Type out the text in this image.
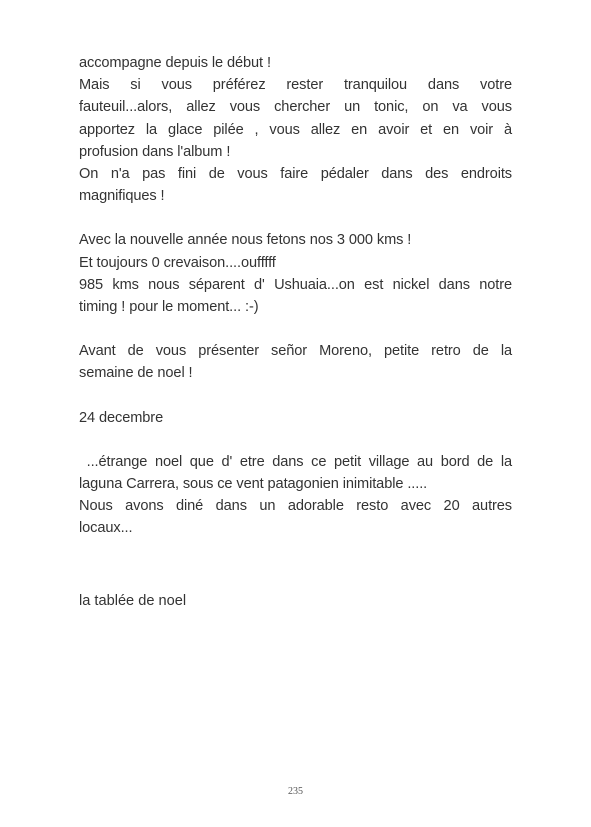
accompagne depuis le début !
Mais si vous préférez rester tranquilou dans votre
fauteuil...alors, allez vous chercher un tonic, on va vous
apportez la glace pilée , vous allez en avoir et en voir à
profusion dans l'album !
On n'a pas fini de vous faire pédaler dans des endroits
magnifiques !
Avec la nouvelle année nous fetons nos 3 000 kms !
Et toujours 0 crevaison....oufffff
985 kms nous séparent d' Ushuaia...on est nickel dans notre
timing ! pour le moment... :-)
Avant de vous présenter señor Moreno, petite retro de la
semaine de noel !
24 decembre
...étrange noel que d' etre dans ce petit village au bord de la
laguna Carrera, sous ce vent patagonien inimitable .....
Nous avons diné dans un adorable resto avec 20 autres
locaux...
la tablée de noel
235
